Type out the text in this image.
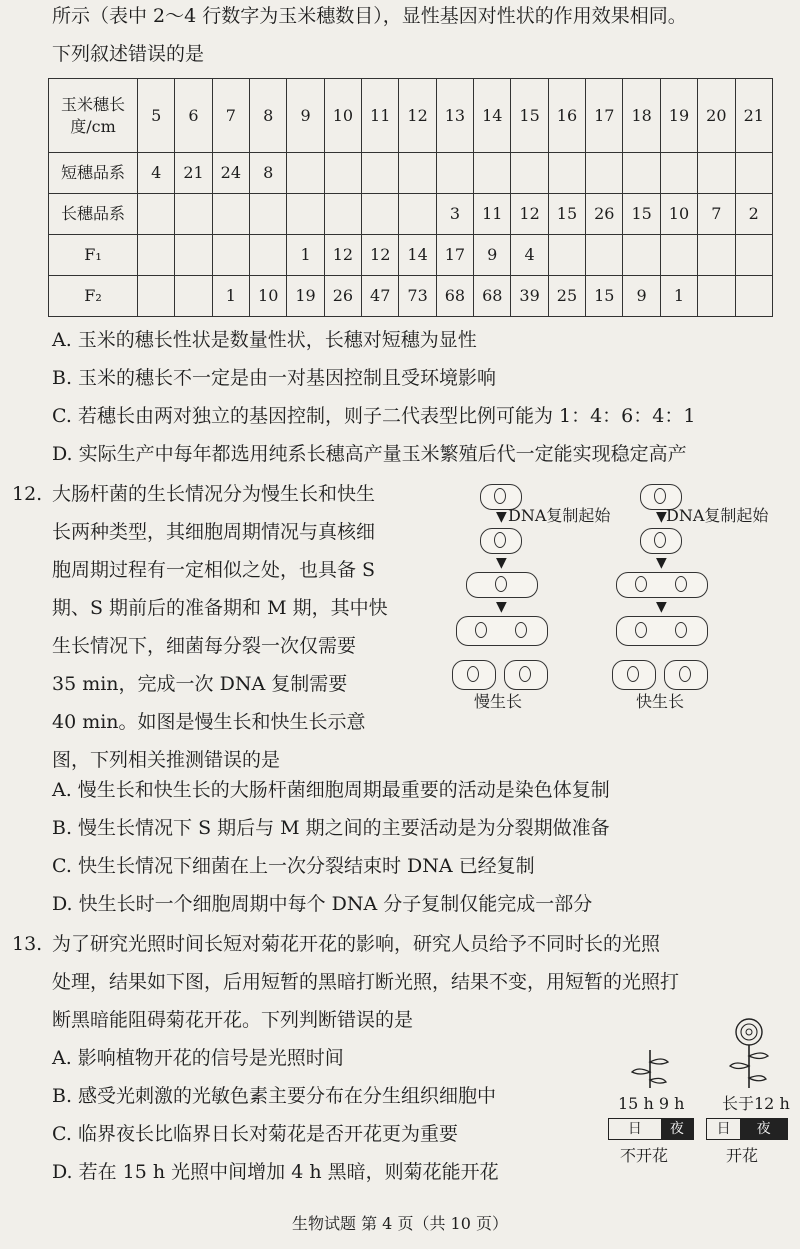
所示（表中 2～4 行数字为玉米穗数目），显性基因对性状的作用效果相同。
下列叙述错误的是
玉米穗长度/cm	5	6	7	8	9	10	11	12	13	14	15	16	17	18	19	20	21
短穗品系	4	21	24	8													
长穗品系									3	11	12	15	26	15	10	7	2
F₁					1	12	12	14	17	9	4						
F₂			1	10	19	26	47	73	68	68	39	25	15	9	1		
A. 玉米的穗长性状是数量性状，长穗对短穗为显性
B. 玉米的穗长不一定是由一对基因控制且受环境影响
C. 若穗长由两对独立的基因控制，则子二代表型比例可能为 1：4：6：4：1
D. 实际生产中每年都选用纯系长穗高产量玉米繁殖后代一定能实现稳定高产
12. 大肠杆菌的生长情况分为慢生长和快生
长两种类型，其细胞周期情况与真核细
胞周期过程有一定相似之处，也具备 S
期、S 期前后的准备期和 M 期，其中快
生长情况下，细菌每分裂一次仅需要
35 min，完成一次 DNA 复制需要
40 min。如图是慢生长和快生长示意
图，下列相关推测错误的是
▼ DNA复制起始
▼
▼
慢生长
▼ DNA复制起始
▼
▼
快生长
A. 慢生长和快生长的大肠杆菌细胞周期最重要的活动是染色体复制
B. 慢生长情况下 S 期后与 M 期之间的主要活动是为分裂期做准备
C. 快生长情况下细菌在上一次分裂结束时 DNA 已经复制
D. 快生长时一个细胞周期中每个 DNA 分子复制仅能完成一部分
13. 为了研究光照时间长短对菊花开花的影响，研究人员给予不同时长的光照
处理，结果如下图，后用短暂的黑暗打断光照，结果不变，用短暂的光照打
断黑暗能阻碍菊花开花。下列判断错误的是
A. 影响植物开花的信号是光照时间
B. 感受光刺激的光敏色素主要分布在分生组织细胞中
C. 临界夜长比临界日长对菊花是否开花更为重要
D. 若在 15 h 光照中间增加 4 h 黑暗，则菊花能开花
15 h 9 h 长于12 h
日	夜	日	夜
不开花	开花
生物试题 第 4 页（共 10 页）
